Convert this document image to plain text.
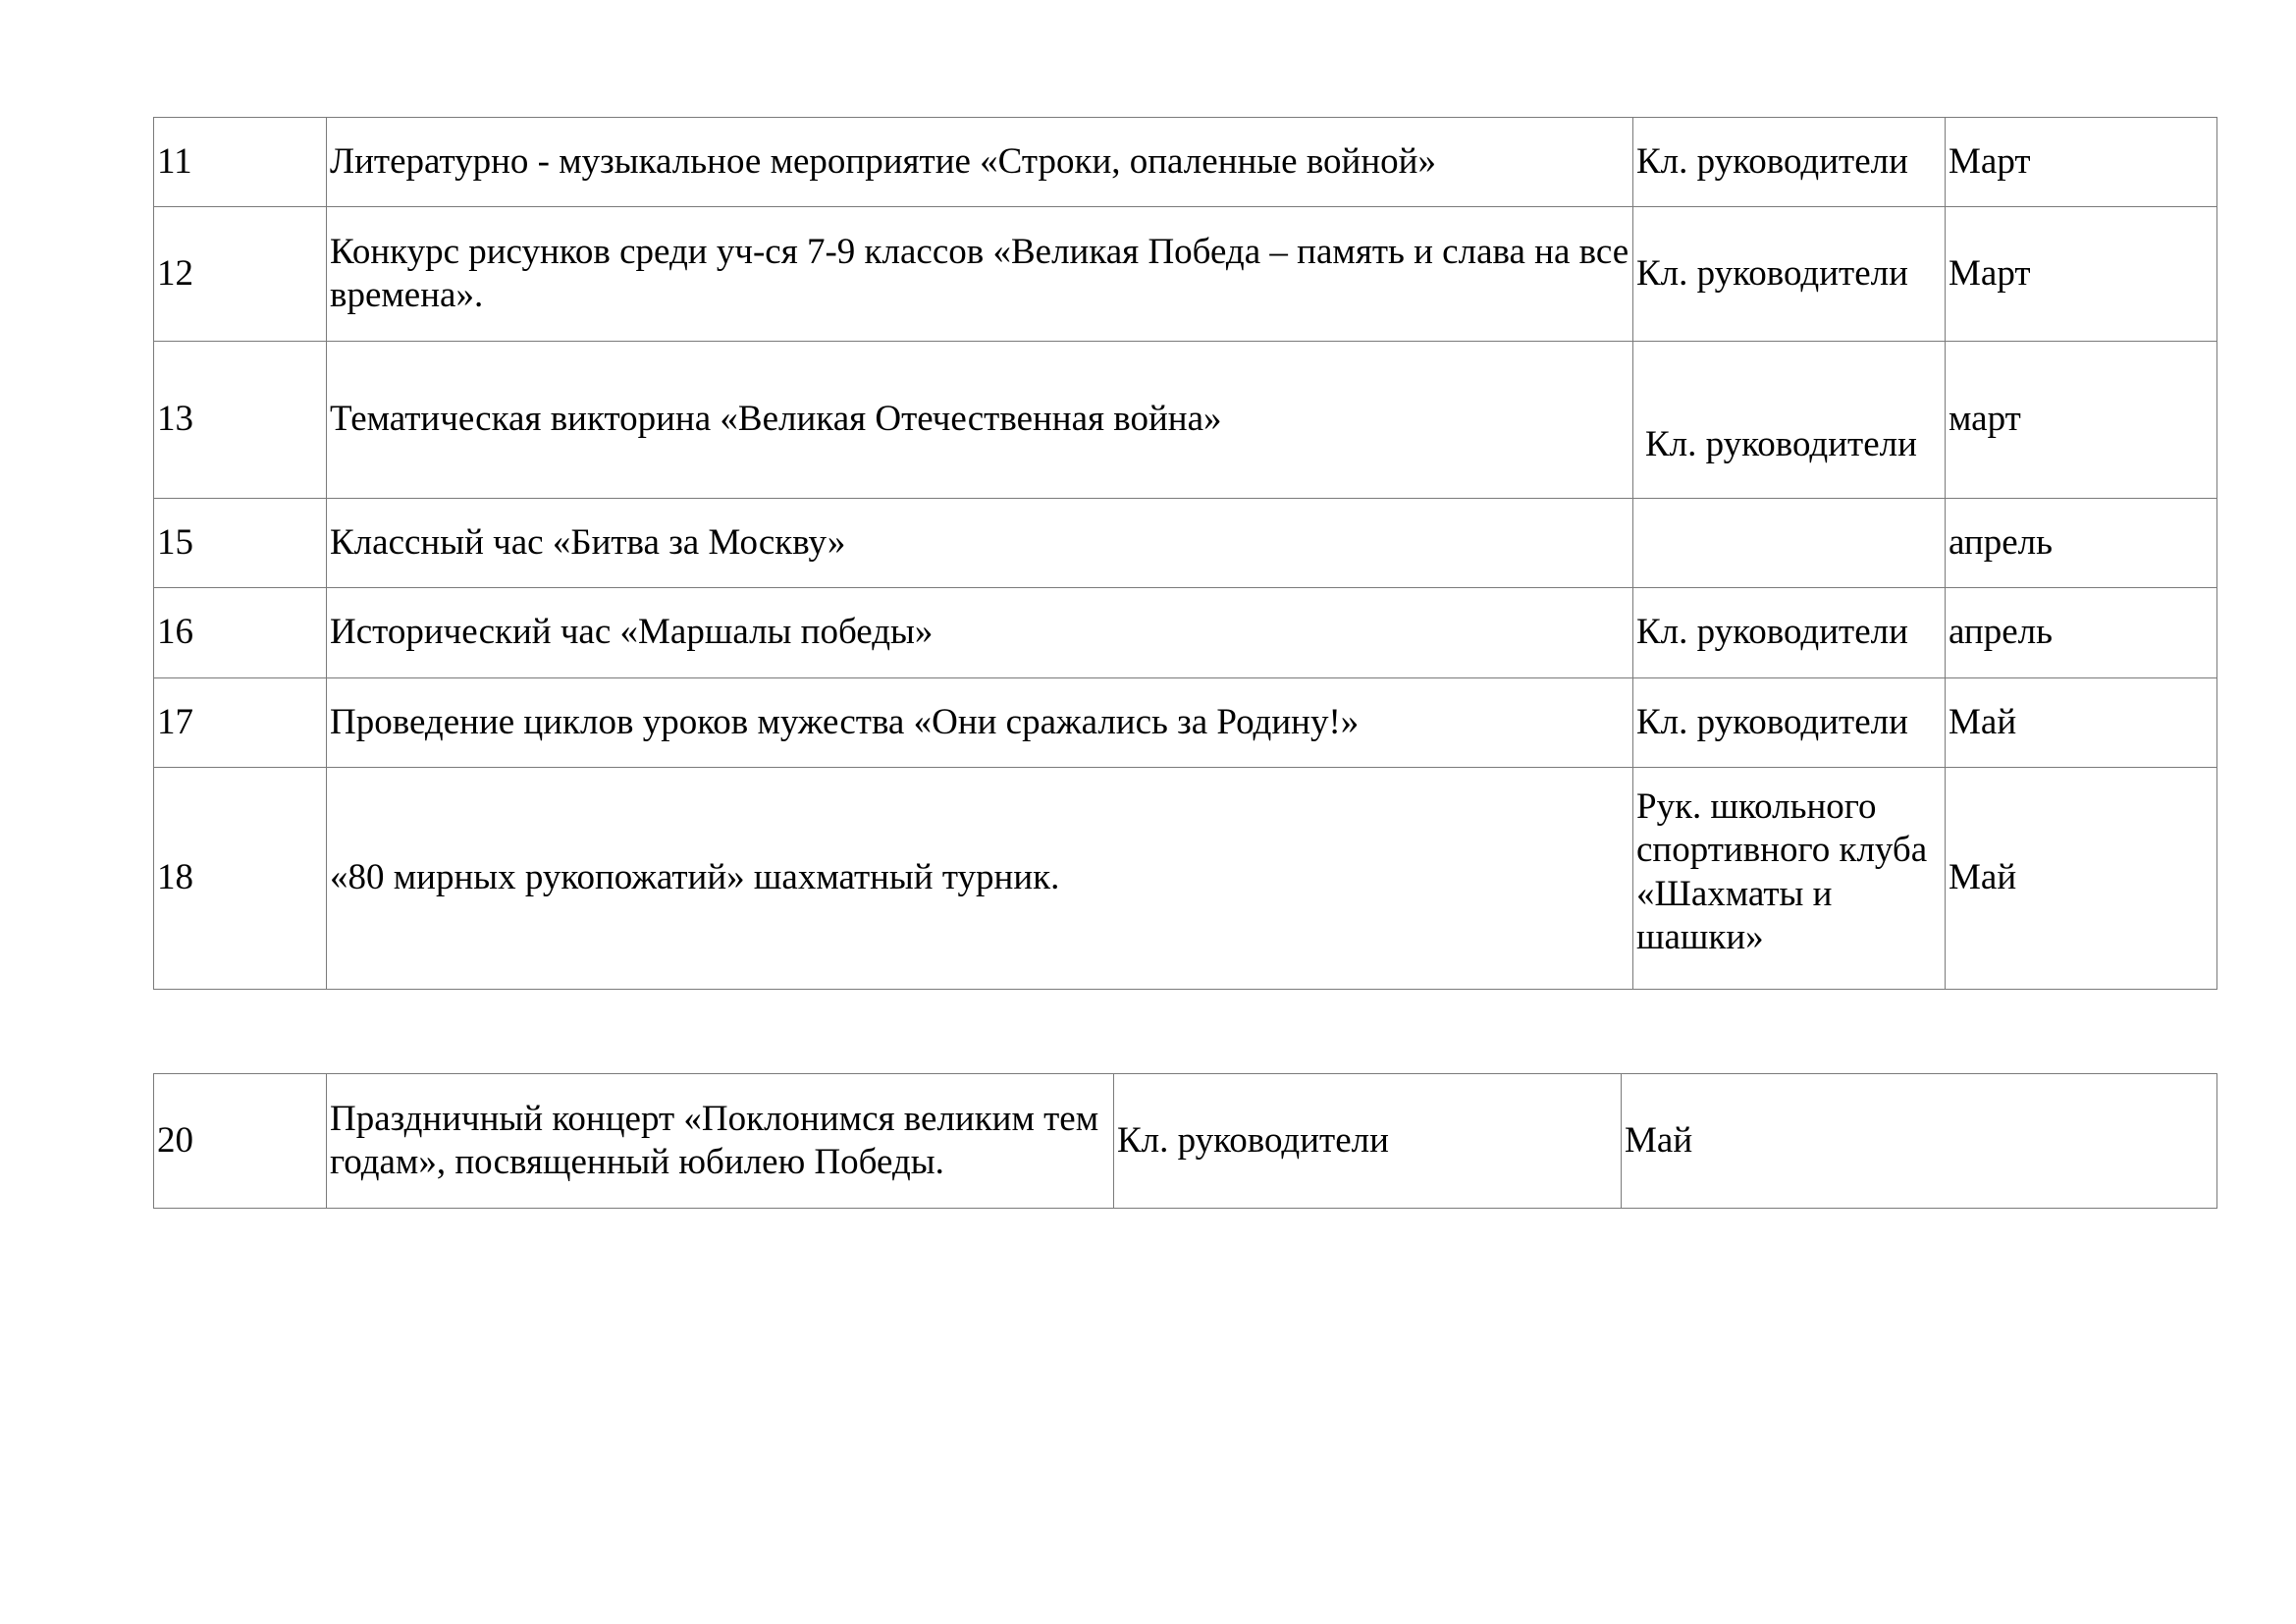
11	Литературно - музыкальное мероприятие «Строки, опаленные войной»	Кл. руководители	Март
12	Конкурс рисунков среди уч-ся 7-9 классов «Великая Победа – память и слава на все времена».	Кл. руководители	Март
13	Тематическая викторина «Великая Отечественная война»	Кл. руководители	март
15	Классный час «Битва за Москву»		апрель
16	Исторический час «Маршалы победы»	Кл. руководители	апрель
17	Проведение циклов уроков мужества «Они сражались за Родину!»	Кл. руководители	Май
18	«80 мирных рукопожатий» шахматный турник.	Рук. школьного спортивного клуба «Шахматы и шашки»	Май
20	Праздничный концерт «Поклонимся великим тем годам», посвященный юбилею Победы.	Кл. руководители	Май
